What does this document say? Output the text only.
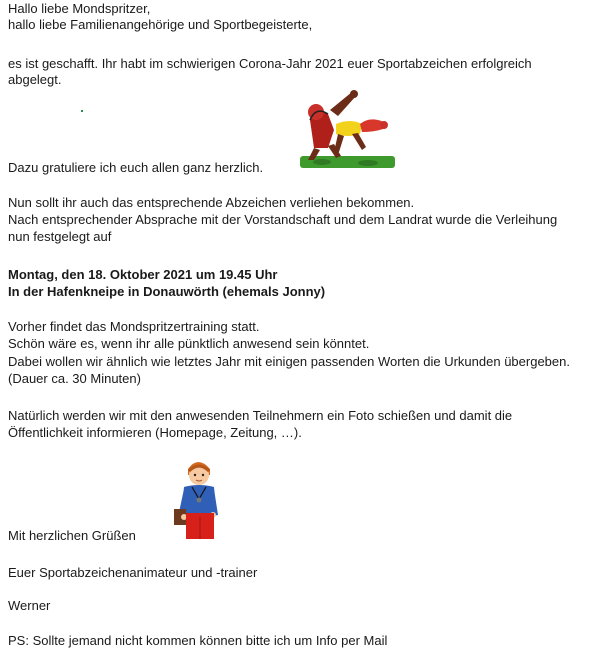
Hallo liebe Mondspritzer,

hallo liebe Familienangehörige und Sportbegeisterte,

es ist geschafft. Ihr habt im schwierigen Corona-Jahr 2021 euer Sportabzeichen erfolgreich

abgelegt.

Dazu gratuliere ich euch allen ganz herzlich.

Nun sollt ihr auch das entsprechende Abzeichen verliehen bekommen.

Nach entsprechender Absprache mit der Vorstandschaft und dem Landrat wurde die Verleihung

nun festgelegt auf

Montag, den 18. Oktober 2021 um 19.45 Uhr

In der Hafenkneipe in Donauwörth (ehemals Jonny)

Vorher findet das Mondspritzertraining statt.

Schön wäre es, wenn ihr alle pünktlich anwesend sein könntet.

Dabei wollen wir ähnlich wie letztes Jahr mit einigen passenden Worten die Urkunden übergeben.

(Dauer ca. 30 Minuten)

Natürlich werden wir mit den anwesenden Teilnehmern ein Foto schießen und damit die

Öffentlichkeit informieren (Homepage, Zeitung, …).

Mit herzlichen Grüßen

Euer Sportabzeichenanimateur und -trainer

Werner

PS: Sollte jemand nicht kommen können bitte ich um Info per Mail
